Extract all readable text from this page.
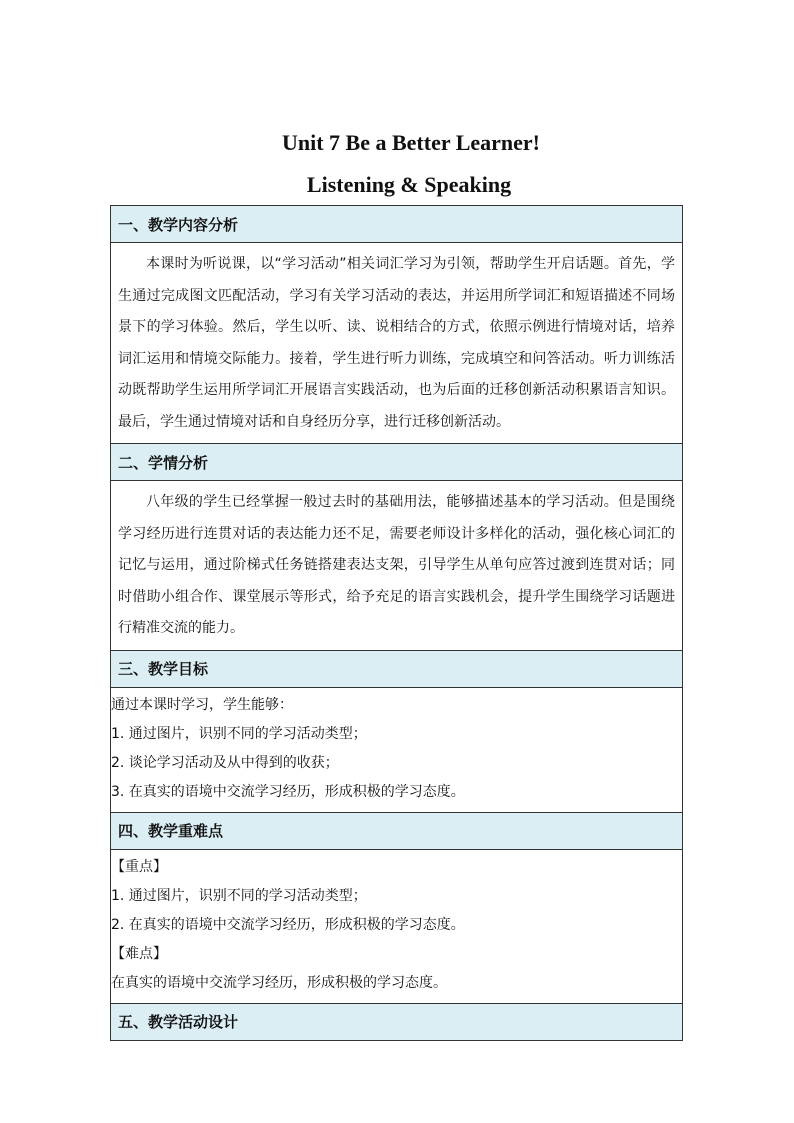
Unit 7 Be a Better Learner!
Listening & Speaking
一、教学内容分析

本课时为听说课，以“学习活动”相关词汇学习为引领，帮助学生开启话题。首先，学生通过完成图文匹配活动，学习有关学习活动的表达，并运用所学词汇和短语描述不同场景下的学习体验。然后，学生以听、读、说相结合的方式，依照示例进行情境对话，培养词汇运用和情境交际能力。接着，学生进行听力训练，完成填空和问答活动。听力训练活动既帮助学生运用所学词汇开展语言实践活动，也为后面的迁移创新活动积累语言知识。最后，学生通过情境对话和自身经历分享，进行迁移创新活动。

二、学情分析

八年级的学生已经掌握一般过去时的基础用法，能够描述基本的学习活动。但是围绕学习经历进行连贯对话的表达能力还不足，需要老师设计多样化的活动，强化核心词汇的记忆与运用，通过阶梯式任务链搭建表达支架，引导学生从单句应答过渡到连贯对话；同时借助小组合作、课堂展示等形式，给予充足的语言实践机会，提升学生围绕学习话题进行精准交流的能力。

三、教学目标

通过本课时学习，学生能够：

1. 通过图片，识别不同的学习活动类型；

2. 谈论学习活动及从中得到的收获；

3. 在真实的语境中交流学习经历，形成积极的学习态度。

四、教学重难点

【重点】

1. 通过图片，识别不同的学习活动类型；

2. 在真实的语境中交流学习经历，形成积极的学习态度。

【难点】

在真实的语境中交流学习经历，形成积极的学习态度。

五、教学活动设计
